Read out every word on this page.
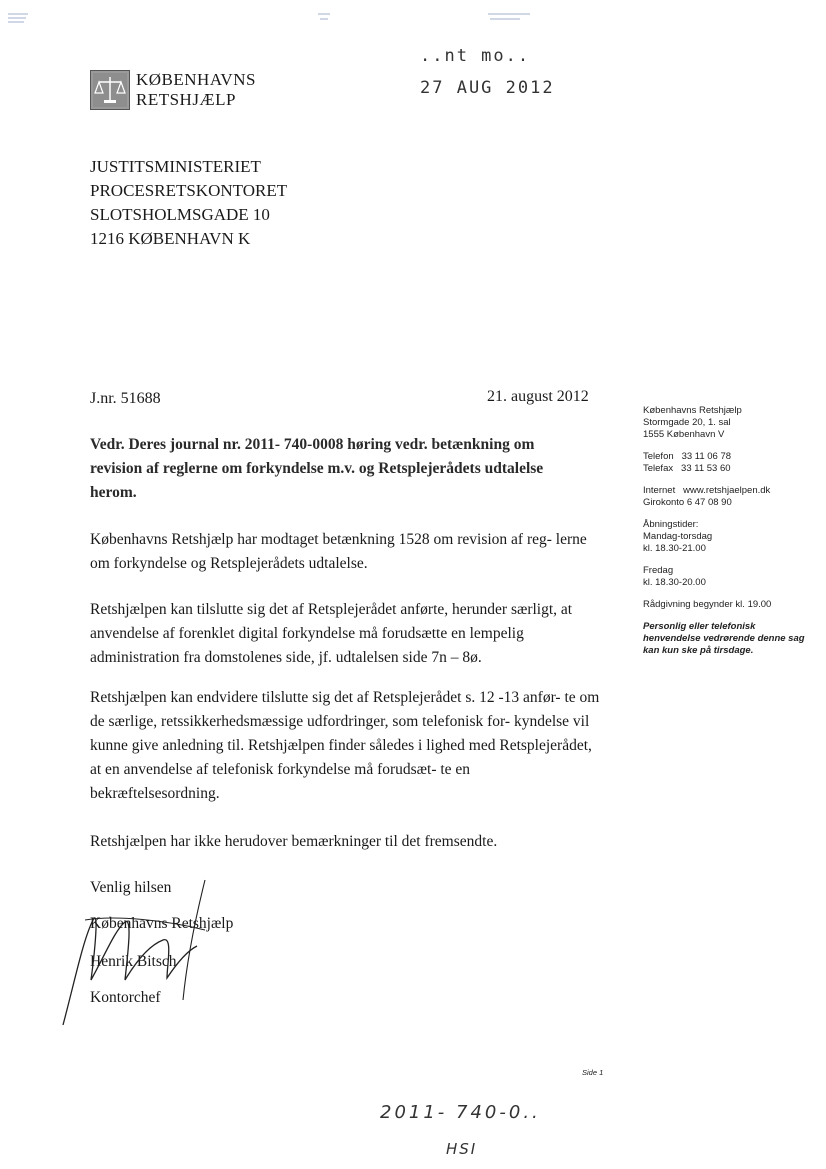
KØBENHAVNS
RETSHJÆLP
..nt mo..
27 AUG 2012
JUSTITSMINISTERIET
PROCESRETSKONTORET
SLOTSHOLMSGADE 10
1216 KØBENHAVN K
J.nr. 51688	21. august 2012
Vedr. Deres journal nr. 2011- 740-0008 høring vedr. betænkning om revision af reglerne om forkyndelse m.v. og Retsplejerådets udtalelse herom.
Københavns Retshjælp har modtaget betænkning 1528 om revision af reg- lerne om forkyndelse og Retsplejerådets udtalelse.
Retshjælpen kan tilslutte sig det af Retsplejerådet anførte, herunder særligt, at anvendelse af forenklet digital forkyndelse må forudsætte en lempelig administration fra domstolenes side, jf. udtalelsen side 7n – 8ø.
Retshjælpen kan endvidere tilslutte sig det af Retsplejerådet s. 12 -13 anfør- te om de særlige, retssikkerhedsmæssige udfordringer, som telefonisk for- kyndelse vil kunne give anledning til. Retshjælpen finder således i lighed med Retsplejerådet, at en anvendelse af telefonisk forkyndelse må forudsæt- te en bekræftelsesordning.
Retshjælpen har ikke herudover bemærkninger til det fremsendte.
Venlig hilsen
Københavns Retshjælp
Henrik Bitsch
Kontorchef
Københavns Retshjælp
Stormgade 20, 1. sal
1555 København V
Telefon 33 11 06 78
Telefax 33 11 53 60
Internet www.retshjaelpen.dk
Girokonto 6 47 08 90
Åbningstider:
Mandag-torsdag
kl. 18.30-21.00
Fredag
kl. 18.30-20.00
Rådgivning begynder kl. 19.00
Personlig eller telefonisk henvendelse vedrørende denne sag kan kun ske på tirsdage.
Side 1
2011- 740-0..
HSI
